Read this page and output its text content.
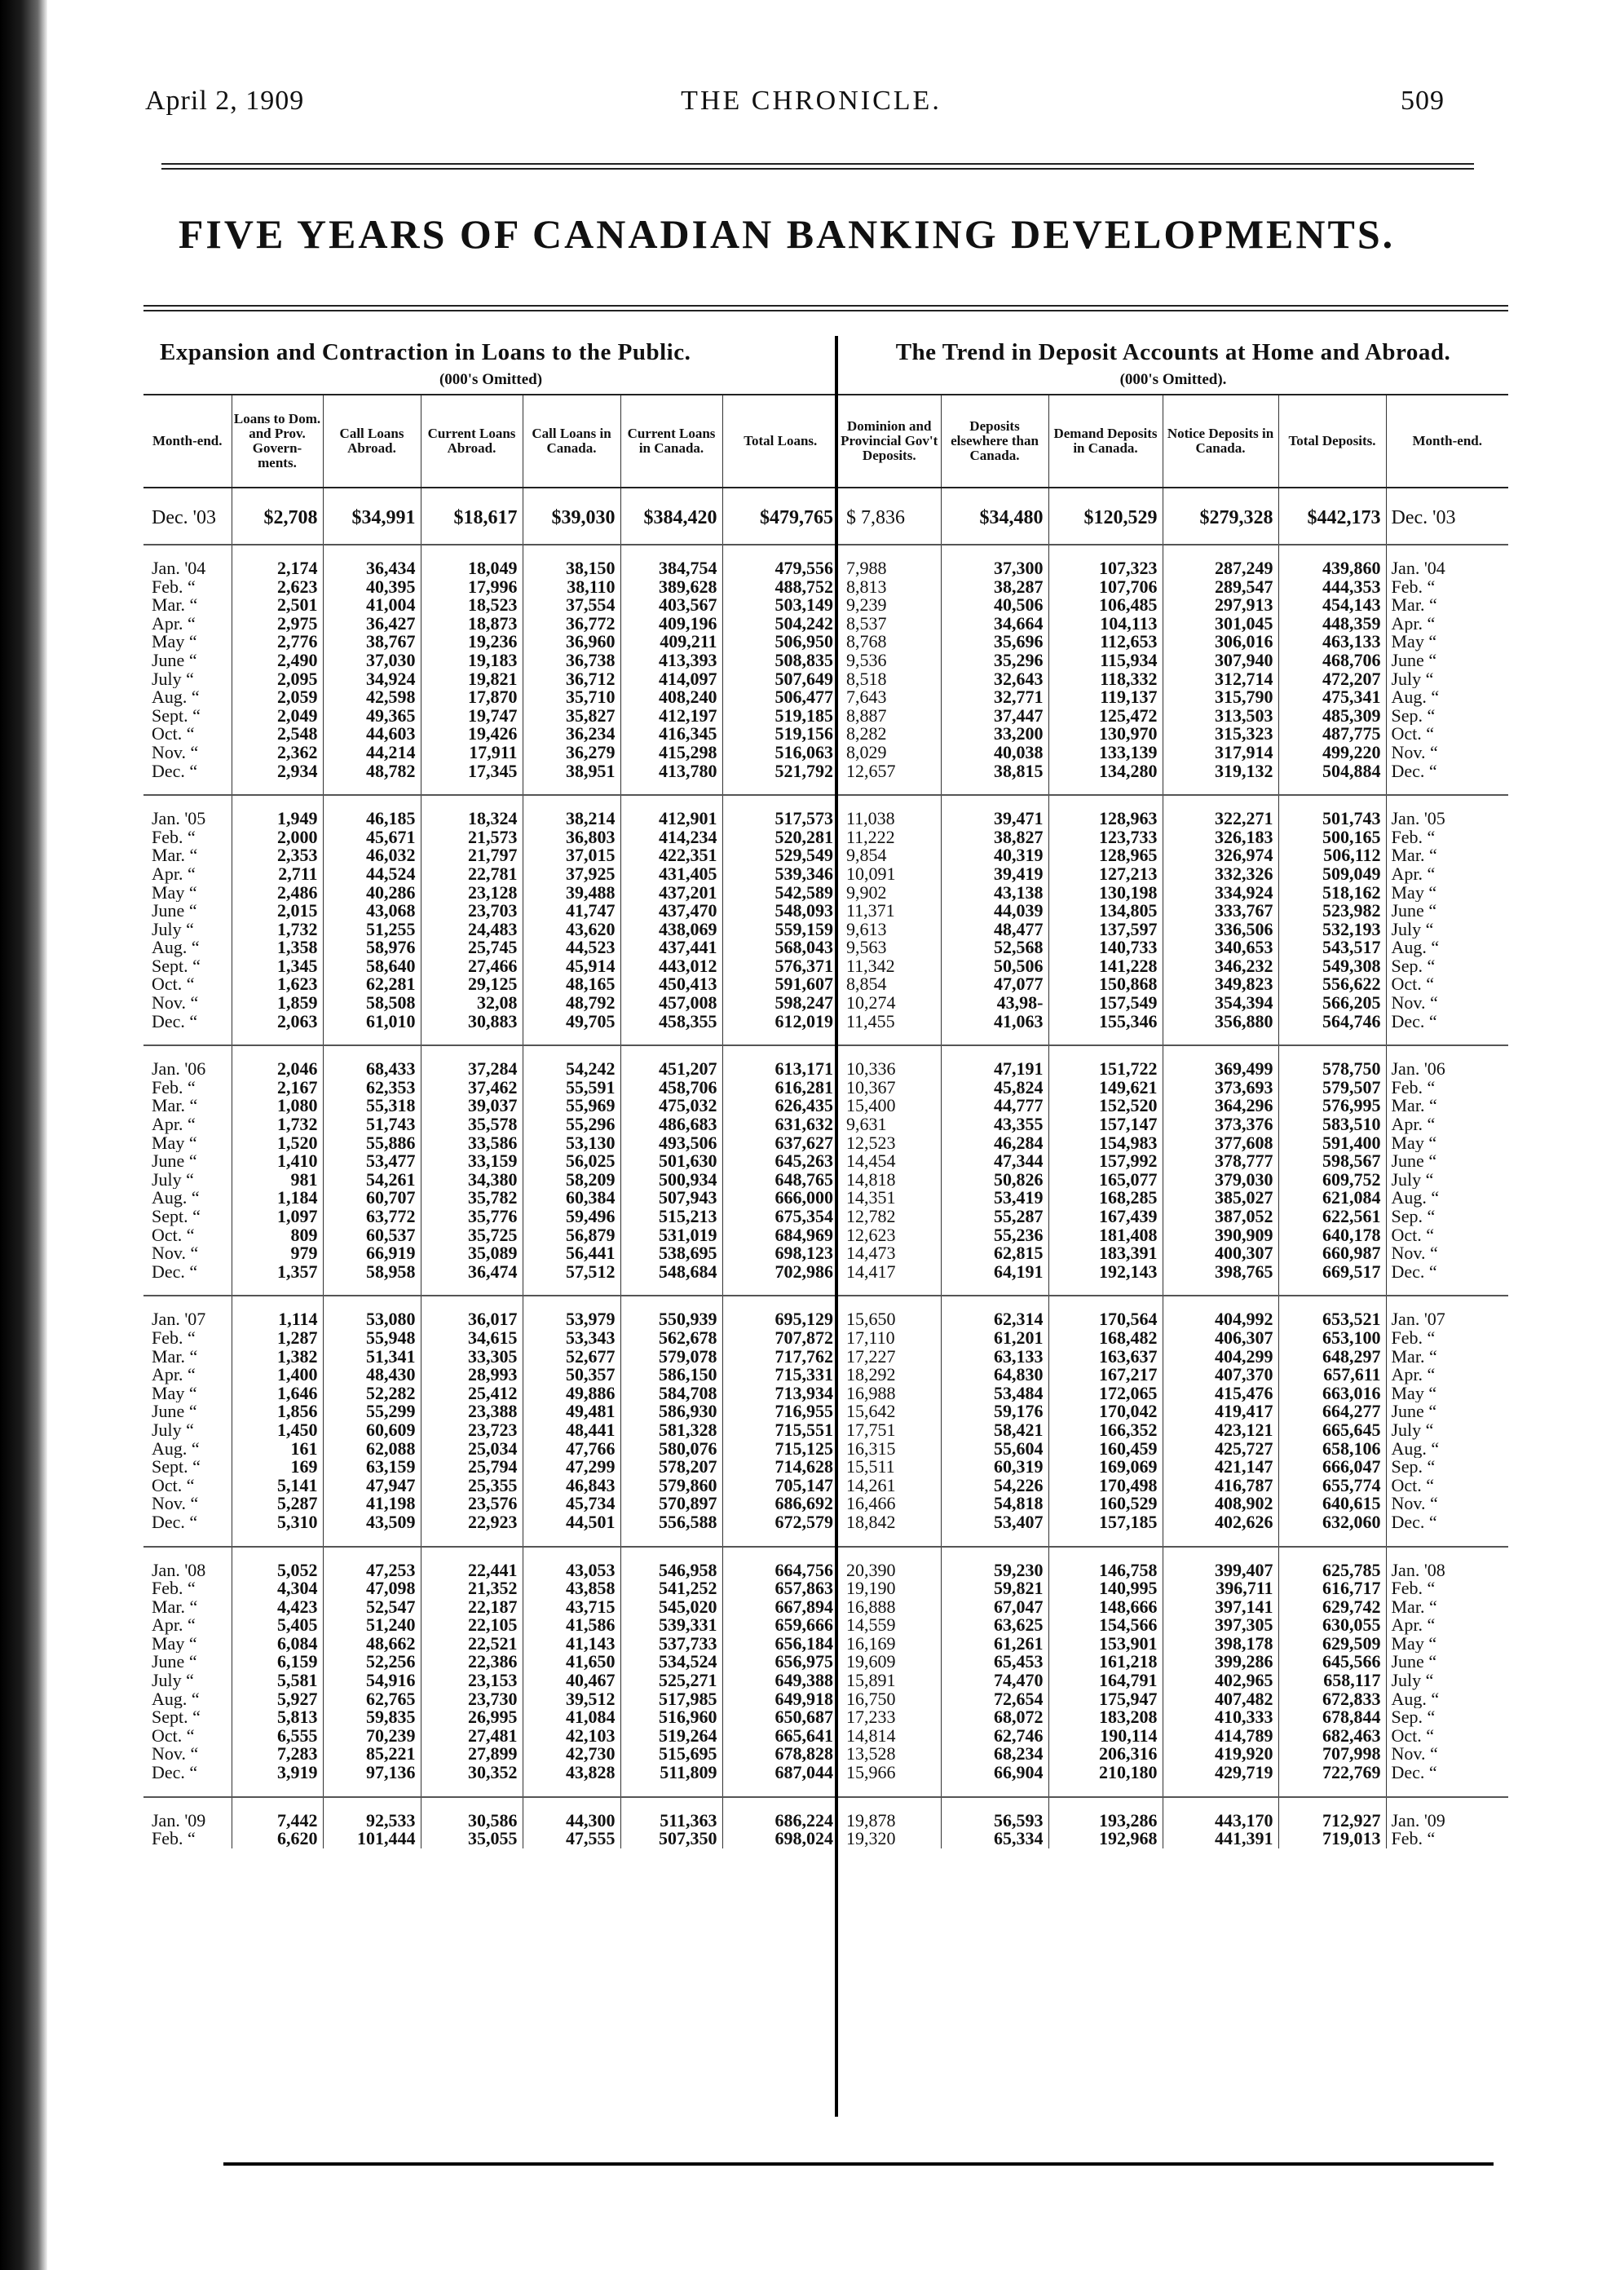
April 2, 1909	THE CHRONICLE.	509
FIVE YEARS OF CANADIAN BANKING DEVELOPMENTS.
Expansion and Contraction in Loans to the Public.
(000's Omitted)
Month-end.	Loans to Dom. and Prov. Govern-ments.	Call Loans Abroad.	Current Loans Abroad.	Call Loans in Canada.	Current Loans in Canada.	Total Loans.
Dec. '03	$2,708	$34,991	$18,617	$39,030	$384,420	$479,765
Jan. '04	2,174	36,434	18,049	38,150	384,754	479,556
Feb. “	2,623	40,395	17,996	38,110	389,628	488,752
Mar. “	2,501	41,004	18,523	37,554	403,567	503,149
Apr. “	2,975	36,427	18,873	36,772	409,196	504,242
May “	2,776	38,767	19,236	36,960	409,211	506,950
June “	2,490	37,030	19,183	36,738	413,393	508,835
July “	2,095	34,924	19,821	36,712	414,097	507,649
Aug. “	2,059	42,598	17,870	35,710	408,240	506,477
Sept. “	2,049	49,365	19,747	35,827	412,197	519,185
Oct. “	2,548	44,603	19,426	36,234	416,345	519,156
Nov. “	2,362	44,214	17,911	36,279	415,298	516,063
Dec. “	2,934	48,782	17,345	38,951	413,780	521,792
Jan. '05	1,949	46,185	18,324	38,214	412,901	517,573
Feb. “	2,000	45,671	21,573	36,803	414,234	520,281
Mar. “	2,353	46,032	21,797	37,015	422,351	529,549
Apr. “	2,711	44,524	22,781	37,925	431,405	539,346
May “	2,486	40,286	23,128	39,488	437,201	542,589
June “	2,015	43,068	23,703	41,747	437,470	548,093
July “	1,732	51,255	24,483	43,620	438,069	559,159
Aug. “	1,358	58,976	25,745	44,523	437,441	568,043
Sept. “	1,345	58,640	27,466	45,914	443,012	576,371
Oct. “	1,623	62,281	29,125	48,165	450,413	591,607
Nov. “	1,859	58,508	32,08	48,792	457,008	598,247
Dec. “	2,063	61,010	30,883	49,705	458,355	612,019
Jan. '06	2,046	68,433	37,284	54,242	451,207	613,171
Feb. “	2,167	62,353	37,462	55,591	458,706	616,281
Mar. “	1,080	55,318	39,037	55,969	475,032	626,435
Apr. “	1,732	51,743	35,578	55,296	486,683	631,632
May “	1,520	55,886	33,586	53,130	493,506	637,627
June “	1,410	53,477	33,159	56,025	501,630	645,263
July “	981	54,261	34,380	58,209	500,934	648,765
Aug. “	1,184	60,707	35,782	60,384	507,943	666,000
Sept. “	1,097	63,772	35,776	59,496	515,213	675,354
Oct. “	809	60,537	35,725	56,879	531,019	684,969
Nov. “	979	66,919	35,089	56,441	538,695	698,123
Dec. “	1,357	58,958	36,474	57,512	548,684	702,986
Jan. '07	1,114	53,080	36,017	53,979	550,939	695,129
Feb. “	1,287	55,948	34,615	53,343	562,678	707,872
Mar. “	1,382	51,341	33,305	52,677	579,078	717,762
Apr. “	1,400	48,430	28,993	50,357	586,150	715,331
May “	1,646	52,282	25,412	49,886	584,708	713,934
June “	1,856	55,299	23,388	49,481	586,930	716,955
July “	1,450	60,609	23,723	48,441	581,328	715,551
Aug. “	161	62,088	25,034	47,766	580,076	715,125
Sept. “	169	63,159	25,794	47,299	578,207	714,628
Oct. “	5,141	47,947	25,355	46,843	579,860	705,147
Nov. “	5,287	41,198	23,576	45,734	570,897	686,692
Dec. “	5,310	43,509	22,923	44,501	556,588	672,579
Jan. '08	5,052	47,253	22,441	43,053	546,958	664,756
Feb. “	4,304	47,098	21,352	43,858	541,252	657,863
Mar. “	4,423	52,547	22,187	43,715	545,020	667,894
Apr. “	5,405	51,240	22,105	41,586	539,331	659,666
May “	6,084	48,662	22,521	41,143	537,733	656,184
June “	6,159	52,256	22,386	41,650	534,524	656,975
July “	5,581	54,916	23,153	40,467	525,271	649,388
Aug. “	5,927	62,765	23,730	39,512	517,985	649,918
Sept. “	5,813	59,835	26,995	41,084	516,960	650,687
Oct. “	6,555	70,239	27,481	42,103	519,264	665,641
Nov. “	7,283	85,221	27,899	42,730	515,695	678,828
Dec. “	3,919	97,136	30,352	43,828	511,809	687,044
Jan. '09	7,442	92,533	30,586	44,300	511,363	686,224
Feb. “	6,620	101,444	35,055	47,555	507,350	698,024
The Trend in Deposit Accounts at Home and Abroad.
(000's Omitted).
Dominion and Provincial Gov't Deposits.	Deposits elsewhere than Canada.	Demand Deposits in Canada.	Notice Deposits in Canada.	Total Deposits.	Month-end.
$ 7,836	$34,480	$120,529	$279,328	$442,173	Dec. '03
7,988	37,300	107,323	287,249	439,860	Jan. '04
8,813	38,287	107,706	289,547	444,353	Feb. “
9,239	40,506	106,485	297,913	454,143	Mar. “
8,537	34,664	104,113	301,045	448,359	Apr. “
8,768	35,696	112,653	306,016	463,133	May “
9,536	35,296	115,934	307,940	468,706	June “
8,518	32,643	118,332	312,714	472,207	July “
7,643	32,771	119,137	315,790	475,341	Aug. “
8,887	37,447	125,472	313,503	485,309	Sep. “
8,282	33,200	130,970	315,323	487,775	Oct. “
8,029	40,038	133,139	317,914	499,220	Nov. “
12,657	38,815	134,280	319,132	504,884	Dec. “
11,038	39,471	128,963	322,271	501,743	Jan. '05
11,222	38,827	123,733	326,183	500,165	Feb. “
9,854	40,319	128,965	326,974	506,112	Mar. “
10,091	39,419	127,213	332,326	509,049	Apr. “
9,902	43,138	130,198	334,924	518,162	May “
11,371	44,039	134,805	333,767	523,982	June “
9,613	48,477	137,597	336,506	532,193	July “
9,563	52,568	140,733	340,653	543,517	Aug. “
11,342	50,506	141,228	346,232	549,308	Sep. “
8,854	47,077	150,868	349,823	556,622	Oct. “
10,274	43,98-	157,549	354,394	566,205	Nov. “
11,455	41,063	155,346	356,880	564,746	Dec. “
10,336	47,191	151,722	369,499	578,750	Jan. '06
10,367	45,824	149,621	373,693	579,507	Feb. “
15,400	44,777	152,520	364,296	576,995	Mar. “
9,631	43,355	157,147	373,376	583,510	Apr. “
12,523	46,284	154,983	377,608	591,400	May “
14,454	47,344	157,992	378,777	598,567	June “
14,818	50,826	165,077	379,030	609,752	July “
14,351	53,419	168,285	385,027	621,084	Aug. “
12,782	55,287	167,439	387,052	622,561	Sep. “
12,623	55,236	181,408	390,909	640,178	Oct. “
14,473	62,815	183,391	400,307	660,987	Nov. “
14,417	64,191	192,143	398,765	669,517	Dec. “
15,650	62,314	170,564	404,992	653,521	Jan. '07
17,110	61,201	168,482	406,307	653,100	Feb. “
17,227	63,133	163,637	404,299	648,297	Mar. “
18,292	64,830	167,217	407,370	657,611	Apr. “
16,988	53,484	172,065	415,476	663,016	May “
15,642	59,176	170,042	419,417	664,277	June “
17,751	58,421	166,352	423,121	665,645	July “
16,315	55,604	160,459	425,727	658,106	Aug. “
15,511	60,319	169,069	421,147	666,047	Sep. “
14,261	54,226	170,498	416,787	655,774	Oct. “
16,466	54,818	160,529	408,902	640,615	Nov. “
18,842	53,407	157,185	402,626	632,060	Dec. “
20,390	59,230	146,758	399,407	625,785	Jan. '08
19,190	59,821	140,995	396,711	616,717	Feb. “
16,888	67,047	148,666	397,141	629,742	Mar. “
14,559	63,625	154,566	397,305	630,055	Apr. “
16,169	61,261	153,901	398,178	629,509	May “
19,609	65,453	161,218	399,286	645,566	June “
15,891	74,470	164,791	402,965	658,117	July “
16,750	72,654	175,947	407,482	672,833	Aug. “
17,233	68,072	183,208	410,333	678,844	Sep. “
14,814	62,746	190,114	414,789	682,463	Oct. “
13,528	68,234	206,316	419,920	707,998	Nov. “
15,966	66,904	210,180	429,719	722,769	Dec. “
19,878	56,593	193,286	443,170	712,927	Jan. '09
19,320	65,334	192,968	441,391	719,013	Feb. “
